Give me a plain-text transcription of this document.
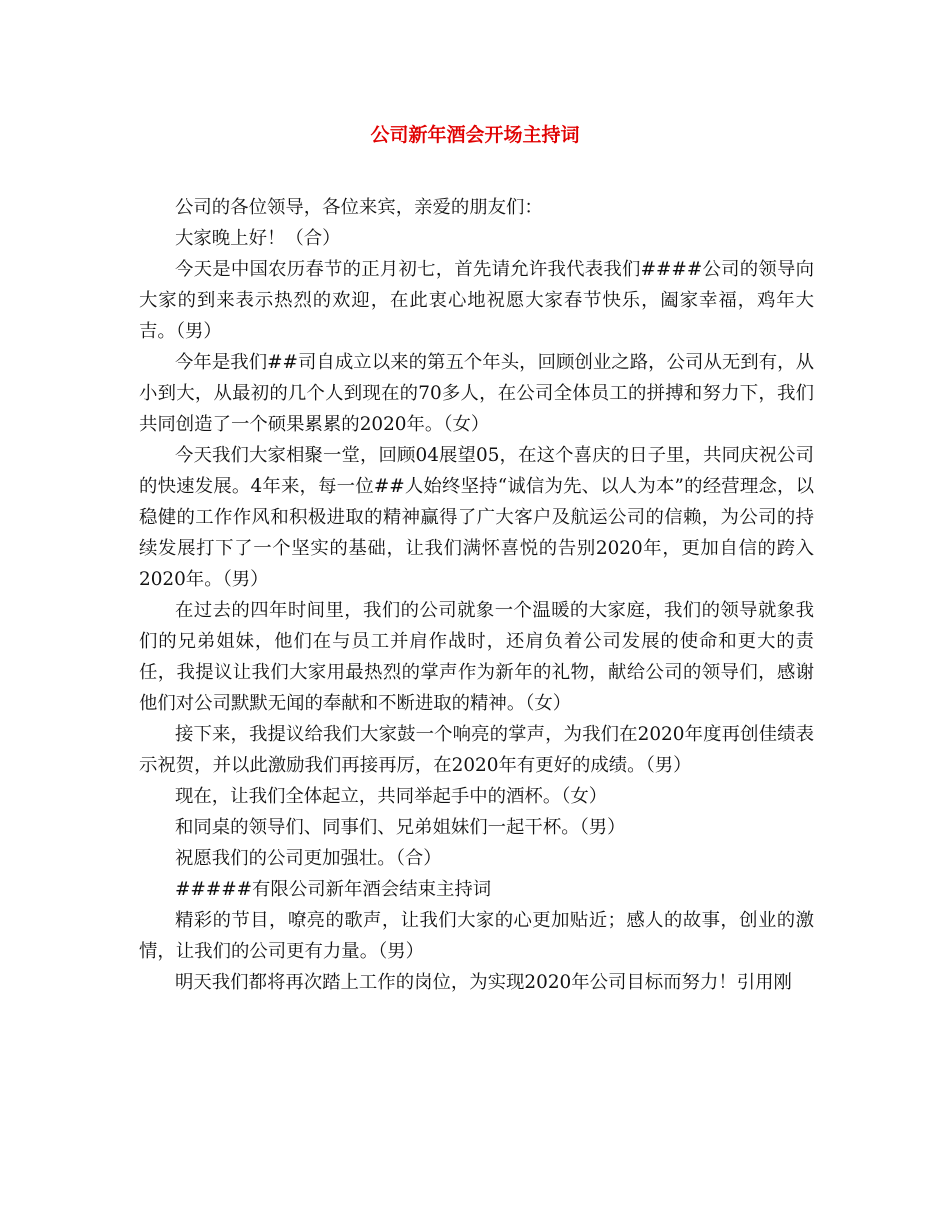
公司新年酒会开场主持词

公司的各位领导，各位来宾，亲爱的朋友们：

大家晚上好！（合）

今天是中国农历春节的正月初七，首先请允许我代表我们####公司的领导向大家的到来表示热烈的欢迎，在此衷心地祝愿大家春节快乐，阖家幸福，鸡年大吉。（男）

今年是我们##司自成立以来的第五个年头，回顾创业之路，公司从无到有，从小到大，从最初的几个人到现在的70多人，在公司全体员工的拼搏和努力下，我们共同创造了一个硕果累累的2020年。（女）

今天我们大家相聚一堂，回顾04展望05，在这个喜庆的日子里，共同庆祝公司的快速发展。4年来，每一位##人始终坚持“诚信为先、以人为本”的经营理念，以稳健的工作作风和积极进取的精神赢得了广大客户及航运公司的信赖，为公司的持续发展打下了一个坚实的基础，让我们满怀喜悦的告别2020年，更加自信的跨入2020年。（男）

在过去的四年时间里，我们的公司就象一个温暖的大家庭，我们的领导就象我们的兄弟姐妹，他们在与员工并肩作战时，还肩负着公司发展的使命和更大的责任，我提议让我们大家用最热烈的掌声作为新年的礼物，献给公司的领导们，感谢他们对公司默默无闻的奉献和不断进取的精神。（女）

接下来，我提议给我们大家鼓一个响亮的掌声，为我们在2020年度再创佳绩表示祝贺，并以此激励我们再接再厉，在2020年有更好的成绩。（男）

现在，让我们全体起立，共同举起手中的酒杯。（女）

和同桌的领导们、同事们、兄弟姐妹们一起干杯。（男）

祝愿我们的公司更加强壮。（合）

#####有限公司新年酒会结束主持词

精彩的节目，嘹亮的歌声，让我们大家的心更加贴近；感人的故事，创业的激情，让我们的公司更有力量。（男）

明天我们都将再次踏上工作的岗位，为实现2020年公司目标而努力！引用刚
